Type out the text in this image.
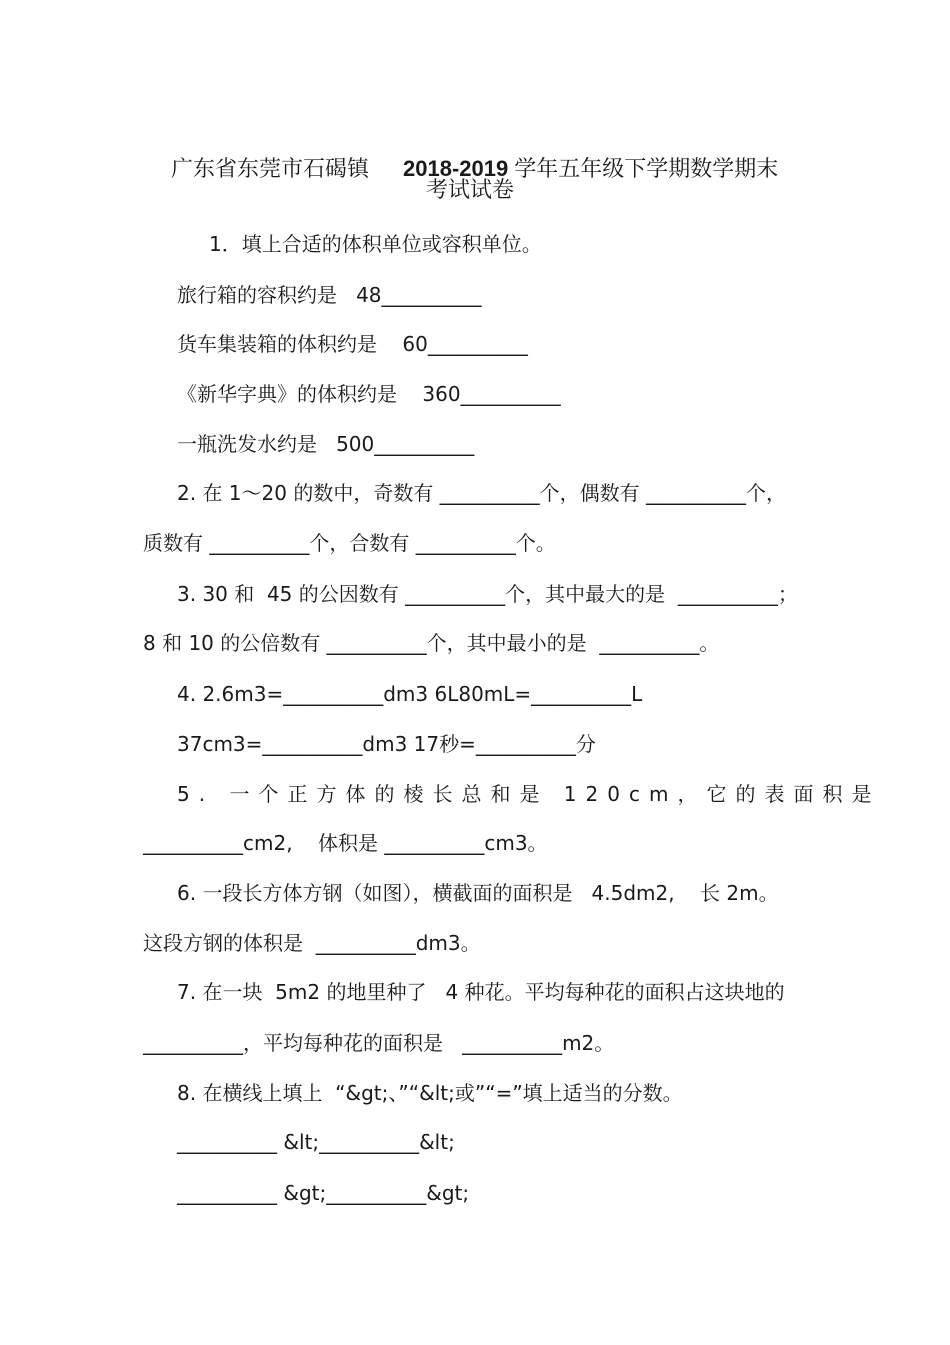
广东省东莞市石碣镇 2018-2019 学年五年级下学期数学期末

考试试卷
1．填上合适的体积单位或容积单位。
旅行箱的容积约是   48__________
货车集装箱的体积约是    60__________
《新华字典》的体积约是    360__________
一瓶洗发水约是   500__________
2. 在 1～20 的数中，奇数有 __________个，偶数有 __________个，
质数有 __________个，合数有 __________个。
3. 30 和  45 的公因数有 __________个，其中最大的是  __________；
8 和 10 的公倍数有 __________个，其中最小的是  __________。
4. 2.6m3=__________dm3 6L80mL=__________L
37cm3=__________dm3 17秒=__________分
5. 一个正方体的棱长总和是 120cm，它的表面积是
__________cm2,    体积是 __________cm3。
6. 一段长方体方钢（如图），横截面的面积是   4.5dm2,    长 2m。
这段方钢的体积是  __________dm3。
7. 在一块  5m2 的地里种了   4 种花。平均每种花的面积占这块地的
__________，平均每种花的面积是   __________m2。
8. 在横线上填上  “&gt;、”“&lt;或”“=”填上适当的分数。
__________ &lt;__________&lt;
__________ &gt;__________&gt;
